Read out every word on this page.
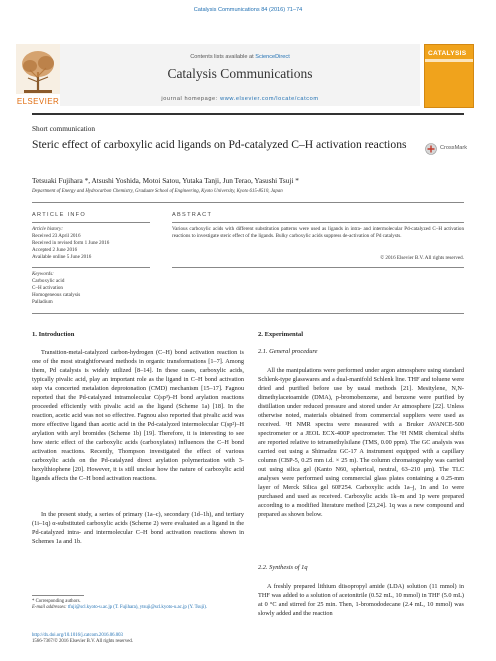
Catalysis Communications 84 (2016) 71–74
Contents lists available at ScienceDirect
Catalysis Communications
journal homepage: www.elsevier.com/locate/catcom
ELSEVIER
CATALYSIS
Short communication
Steric effect of carboxylic acid ligands on Pd-catalyzed C–H activation reactions	CrossMark
Tetsuaki Fujihara *, Atsushi Yoshida, Motoi Satou, Yutaka Tanji, Jun Terao, Yasushi Tsuji *
Department of Energy and Hydrocarbon Chemistry, Graduate School of Engineering, Kyoto University, Kyoto 615-8510, Japan
ARTICLE INFO
Article history:
Received 23 April 2016
Received in revised form 1 June 2016
Accepted 2 June 2016
Available online 5 June 2016
Keywords:
Carboxylic acid
C–H activation
Homogeneous catalysis
Palladium
ABSTRACT
Various carboxylic acids with different substitution patterns were used as ligands in intra- and intermolecular Pd-catalyzed C–H activation reactions to investigate steric effect of the ligands. Bulky carboxylic acids suppress de-activation of Pd catalysts.
© 2016 Elsevier B.V. All rights reserved.
1. Introduction
Transition-metal-catalyzed carbon-hydrogen (C–H) bond activation reaction is one of the most straightforward methods in organic transformations [1–7]. Among them, Pd catalysis is widely utilized [8–14]. In these cases, carboxylic acids, typically pivalic acid, play an important role as the ligand in C–H bond activation step via concerted metalation deprotonation (CMD) mechanism [15–17]. Fagnou reported that the Pd-catalyzed intramolecular C(sp³)–H bond arylation reactions proceeded efficiently with pivalic acid as the ligand (Scheme 1a) [18]. In the reaction, acetic acid was not so effective. Fagnou also reported that pivalic acid was more effective ligand than acetic acid in the Pd-catalyzed intermolecular C(sp²)–H arylation with aryl bromides (Scheme 1b) [19]. Therefore, it is interesting to see how steric effect of the carboxylic acids (carboxylates) influences the C–H bond activation reactions. Recently, Thompson investigated the effect of various carboxylic acids on the Pd-catalyzed direct arylation polymerization with 3-hexylthiophene [20]. However, it is still unclear how the nature of carboxylic acid ligands affects the C–H bond activation reactions.
In the present study, a series of primary (1a–c), secondary (1d–1h), and tertiary (1i–1q) α-substituted carboxylic acids (Scheme 2) were evaluated as a ligand in the Pd-catalyzed intra- and intermolecular C–H bond activation reactions shown in Schemes 1a and 1b.
2. Experimental
2.1. General procedure
All the manipulations were performed under argon atmosphere using standard Schlenk-type glasswares and a dual-manifold Schlenk line. THF and toluene were dried and purified before use by usual methods [21]. Mesitylene, N,N-dimethylacetoamide (DMA), p-bromobenzene, and benzene were purified by distillation under reduced pressure and stored under Ar atmosphere [22]. Unless otherwise noted, materials obtained from commercial suppliers were used as received. ¹H NMR spectra were measured with a Bruker AVANCE-500 spectrometer or a JEOL ECX-400P spectrometer. The ¹H NMR chemical shifts are reported relative to tetramethylsilane (TMS, 0.00 ppm). The GC analysis was carried out using a Shimadzu GC-17 A instrument equipped with a capillary column (CBP-5, 0.25 mm i.d. × 25 m). The column chromatography was carried out using silica gel (Kanto N60, spherical, neutral, 63–210 μm). The TLC analyses were performed using commercial glass plates containing a 0.25-mm layer of Merck Silica gel 60F254. Carboxylic acids 1a–j, 1n and 1o were purchased and used as received. Carboxylic acids 1k–m and 1p were prepared according to a modified literature method [23,24]. 1q was a new compound and prepared as shown below.
2.2. Synthesis of 1q
A freshly prepared lithium diisopropyl amide (LDA) solution (11 mmol) in THF was added to a solution of acetonitrile (0.52 mL, 10 mmol) in THF (5.0 mL) at 0 °C and stirred for 25 min. Then, 1-bromododecane (2.4 mL, 10 mmol) was slowly added and the reaction
* Corresponding authors.
E-mail addresses: tfuji@scl.kyoto-u.ac.jp (T. Fujihara), ytsuji@scl.kyoto-u.ac.jp (Y. Tsuji).
http://dx.doi.org/10.1016/j.catcom.2016.06.003
1566-7367/© 2016 Elsevier B.V. All rights reserved.
